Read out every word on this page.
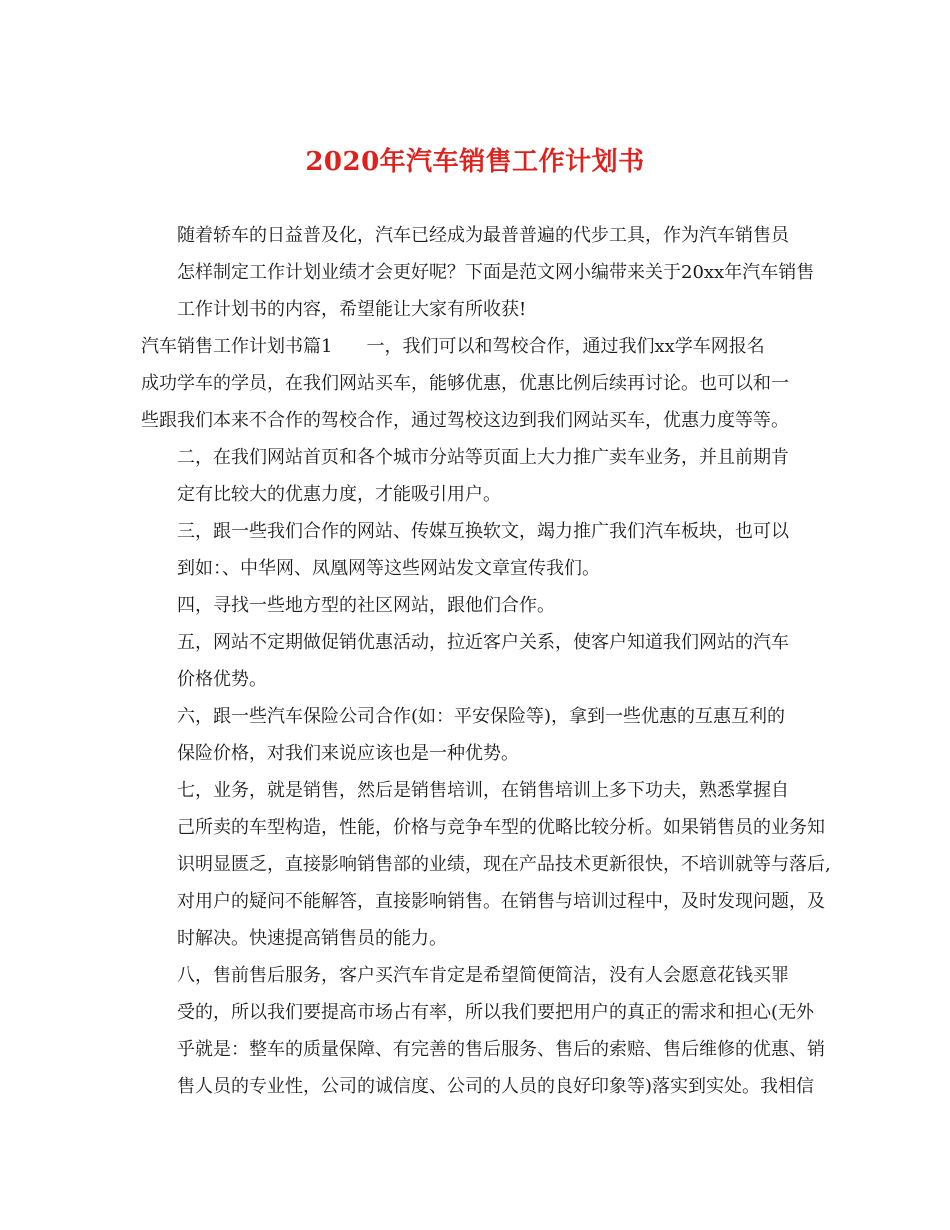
2020年汽车销售工作计划书
随着轿车的日益普及化，汽车已经成为最普普遍的代步工具，作为汽车销售员
怎样制定工作计划业绩才会更好呢？下面是范文网小编带来关于20xx年汽车销售
工作计划书的内容，希望能让大家有所收获!
汽车销售工作计划书篇1 一，我们可以和驾校合作，通过我们xx学车网报名
成功学车的学员，在我们网站买车，能够优惠，优惠比例后续再讨论。也可以和一
些跟我们本来不合作的驾校合作，通过驾校这边到我们网站买车，优惠力度等等。
二，在我们网站首页和各个城市分站等页面上大力推广卖车业务，并且前期肯
定有比较大的优惠力度，才能吸引用户。
三，跟一些我们合作的网站、传媒互换软文，竭力推广我们汽车板块，也可以
到如：、中华网、凤凰网等这些网站发文章宣传我们。
四，寻找一些地方型的社区网站，跟他们合作。
五，网站不定期做促销优惠活动，拉近客户关系，使客户知道我们网站的汽车
价格优势。
六，跟一些汽车保险公司合作(如：平安保险等)，拿到一些优惠的互惠互利的
保险价格，对我们来说应该也是一种优势。
七，业务，就是销售，然后是销售培训，在销售培训上多下功夫，熟悉掌握自
己所卖的车型构造，性能，价格与竞争车型的优略比较分析。如果销售员的业务知
识明显匮乏，直接影响销售部的业绩，现在产品技术更新很快，不培训就等与落后,
对用户的疑问不能解答，直接影响销售。在销售与培训过程中，及时发现问题，及
时解决。快速提高销售员的能力。
八，售前售后服务，客户买汽车肯定是希望简便简洁，没有人会愿意花钱买罪
受的，所以我们要提高市场占有率，所以我们要把用户的真正的需求和担心(无外
乎就是：整车的质量保障、有完善的售后服务、售后的索赔、售后维修的优惠、销
售人员的专业性，公司的诚信度、公司的人员的良好印象等)落实到实处。我相信
